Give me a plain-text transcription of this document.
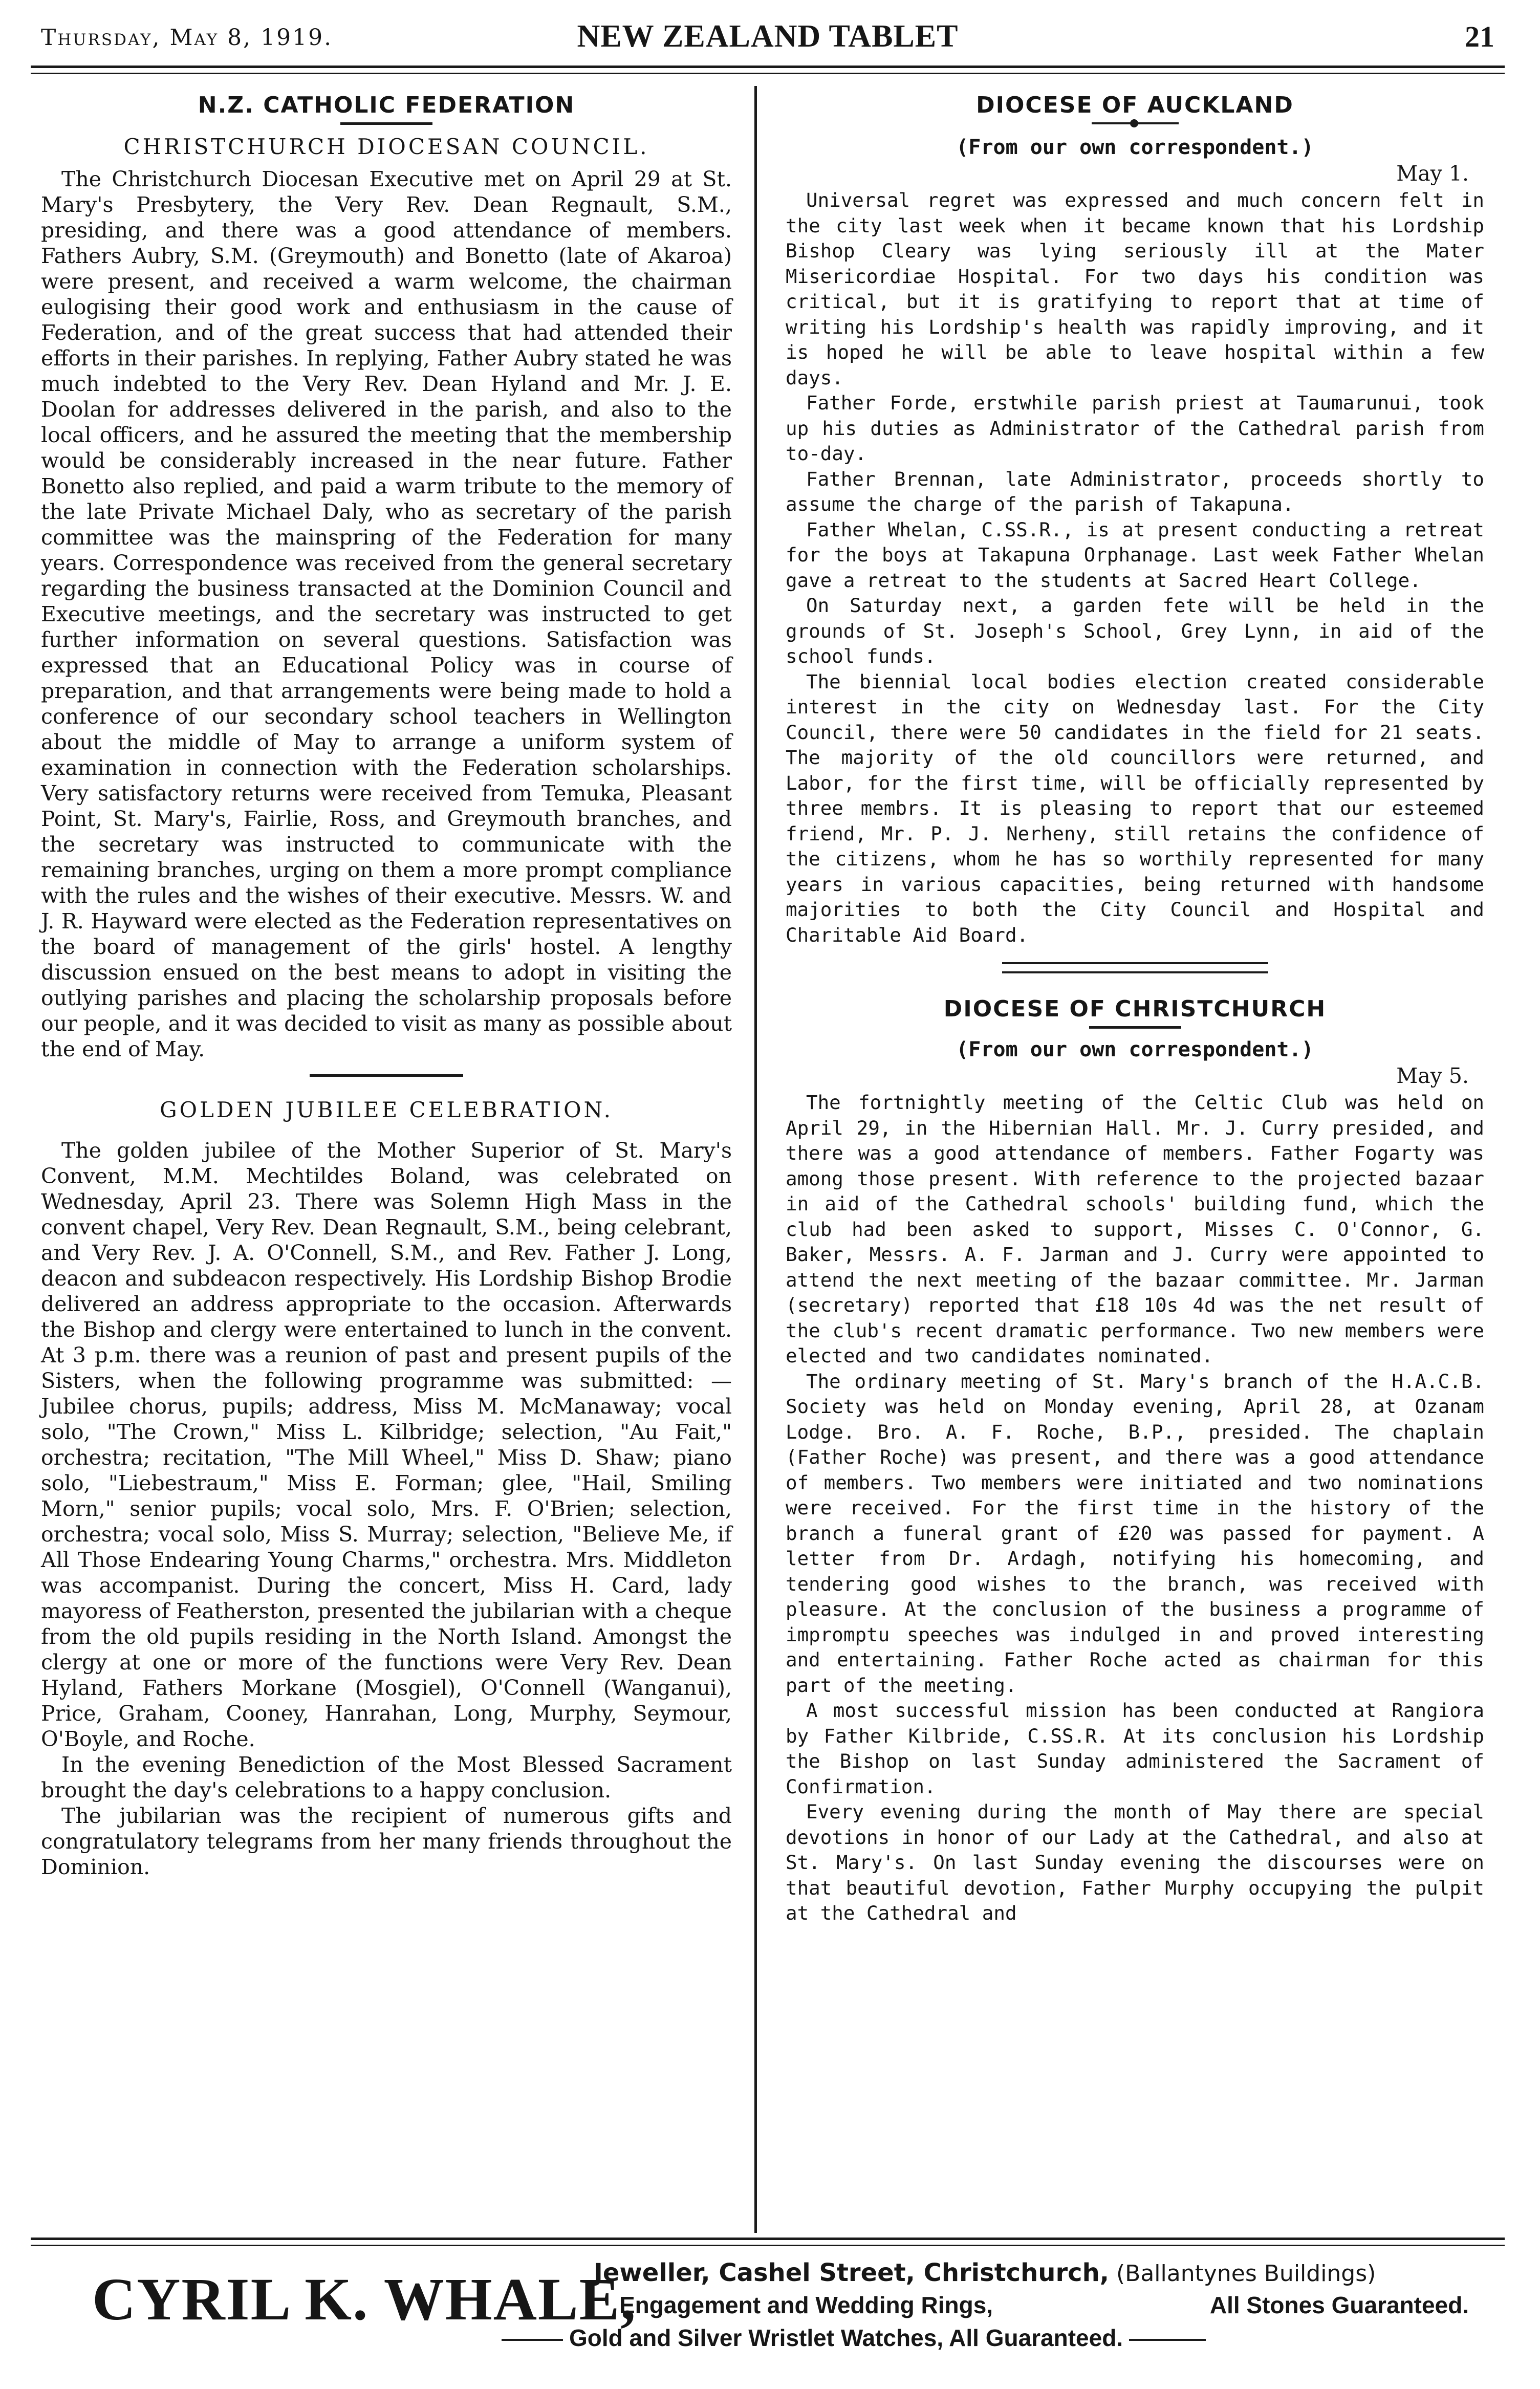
Thursday, May 8, 1919.	NEW ZEALAND TABLET	21
N.Z. CATHOLIC FEDERATION
CHRISTCHURCH DIOCESAN COUNCIL.

The Christchurch Diocesan Executive met on April 29 at St. Mary's Presbytery, the Very Rev. Dean Regnault, S.M., presiding, and there was a good attendance of members. Fathers Aubry, S.M. (Greymouth) and Bonetto (late of Akaroa) were present, and received a warm welcome, the chairman eulogising their good work and enthusiasm in the cause of Federation, and of the great success that had attended their efforts in their parishes. In replying, Father Aubry stated he was much indebted to the Very Rev. Dean Hyland and Mr. J. E. Doolan for addresses delivered in the parish, and also to the local officers, and he assured the meeting that the membership would be considerably increased in the near future. Father Bonetto also replied, and paid a warm tribute to the memory of the late Private Michael Daly, who as secretary of the parish committee was the mainspring of the Federation for many years. Correspondence was received from the general secretary regarding the business transacted at the Dominion Council and Executive meetings, and the secretary was instructed to get further information on several questions. Satisfaction was expressed that an Educational Policy was in course of preparation, and that arrangements were being made to hold a conference of our secondary school teachers in Wellington about the middle of May to arrange a uniform system of examination in connection with the Federation scholarships. Very satisfactory returns were received from Temuka, Pleasant Point, St. Mary's, Fairlie, Ross, and Greymouth branches, and the secretary was instructed to communicate with the remaining branches, urging on them a more prompt compliance with the rules and the wishes of their executive. Messrs. W. and J. R. Hayward were elected as the Federation representatives on the board of management of the girls' hostel. A lengthy discussion ensued on the best means to adopt in visiting the outlying parishes and placing the scholarship proposals before our people, and it was decided to visit as many as possible about the end of May.

GOLDEN JUBILEE CELEBRATION.

The golden jubilee of the Mother Superior of St. Mary's Convent, M.M. Mechtildes Boland, was celebrated on Wednesday, April 23. There was Solemn High Mass in the convent chapel, Very Rev. Dean Regnault, S.M., being celebrant, and Very Rev. J. A. O'Connell, S.M., and Rev. Father J. Long, deacon and subdeacon respectively. His Lordship Bishop Brodie delivered an address appropriate to the occasion. Afterwards the Bishop and clergy were entertained to lunch in the convent. At 3 p.m. there was a reunion of past and present pupils of the Sisters, when the following programme was submitted: — Jubilee chorus, pupils; address, Miss M. McManaway; vocal solo, "The Crown," Miss L. Kilbridge; selection, "Au Fait," orchestra; recitation, "The Mill Wheel," Miss D. Shaw; piano solo, "Liebestraum," Miss E. Forman; glee, "Hail, Smiling Morn," senior pupils; vocal solo, Mrs. F. O'Brien; selection, orchestra; vocal solo, Miss S. Murray; selection, "Believe Me, if All Those Endearing Young Charms," orchestra. Mrs. Middleton was accompanist. During the concert, Miss H. Card, lady mayoress of Featherston, presented the jubilarian with a cheque from the old pupils residing in the North Island. Amongst the clergy at one or more of the functions were Very Rev. Dean Hyland, Fathers Morkane (Mosgiel), O'Connell (Wanganui), Price, Graham, Cooney, Hanrahan, Long, Murphy, Seymour, O'Boyle, and Roche.

In the evening Benediction of the Most Blessed Sacrament brought the day's celebrations to a happy conclusion.

The jubilarian was the recipient of numerous gifts and congratulatory telegrams from her many friends throughout the Dominion.

DIOCESE OF AUCKLAND
(From our own correspondent.)
May 1.

Universal regret was expressed and much concern felt in the city last week when it became known that his Lordship Bishop Cleary was lying seriously ill at the Mater Misericordiae Hospital. For two days his condition was critical, but it is gratifying to report that at time of writing his Lordship's health was rapidly improving, and it is hoped he will be able to leave hospital within a few days.

Father Forde, erstwhile parish priest at Taumarunui, took up his duties as Administrator of the Cathedral parish from to-day.

Father Brennan, late Administrator, proceeds shortly to assume the charge of the parish of Takapuna.

Father Whelan, C.SS.R., is at present conducting a retreat for the boys at Takapuna Orphanage. Last week Father Whelan gave a retreat to the students at Sacred Heart College.

On Saturday next, a garden fete will be held in the grounds of St. Joseph's School, Grey Lynn, in aid of the school funds.

The biennial local bodies election created considerable interest in the city on Wednesday last. For the City Council, there were 50 candidates in the field for 21 seats. The majority of the old councillors were returned, and Labor, for the first time, will be officially represented by three membrs. It is pleasing to report that our esteemed friend, Mr. P. J. Nerheny, still retains the confidence of the citizens, whom he has so worthily represented for many years in various capacities, being returned with handsome majorities to both the City Council and Hospital and Charitable Aid Board.

DIOCESE OF CHRISTCHURCH
(From our own correspondent.)
May 5.

The fortnightly meeting of the Celtic Club was held on April 29, in the Hibernian Hall. Mr. J. Curry presided, and there was a good attendance of members. Father Fogarty was among those present. With reference to the projected bazaar in aid of the Cathedral schools' building fund, which the club had been asked to support, Misses C. O'Connor, G. Baker, Messrs. A. F. Jarman and J. Curry were appointed to attend the next meeting of the bazaar committee. Mr. Jarman (secretary) reported that £18 10s 4d was the net result of the club's recent dramatic performance. Two new members were elected and two candidates nominated.

The ordinary meeting of St. Mary's branch of the H.A.C.B. Society was held on Monday evening, April 28, at Ozanam Lodge. Bro. A. F. Roche, B.P., presided. The chaplain (Father Roche) was present, and there was a good attendance of members. Two members were initiated and two nominations were received. For the first time in the history of the branch a funeral grant of £20 was passed for payment. A letter from Dr. Ardagh, notifying his homecoming, and tendering good wishes to the branch, was received with pleasure. At the conclusion of the business a programme of impromptu speeches was indulged in and proved interesting and entertaining. Father Roche acted as chairman for this part of the meeting.

A most successful mission has been conducted at Rangiora by Father Kilbride, C.SS.R. At its conclusion his Lordship the Bishop on last Sunday administered the Sacrament of Confirmation.

Every evening during the month of May there are special devotions in honor of our Lady at the Cathedral, and also at St. Mary's. On last Sunday evening the discourses were on that beautiful devotion, Father Murphy occupying the pulpit at the Cathedral and

CYRIL K. WHALE,
Jeweller, Cashel Street, Christchurch, (Ballantynes Buildings)
Engagement and Wedding Rings,	All Stones Guaranteed.
Gold and Silver Wristlet Watches, All Guaranteed.
